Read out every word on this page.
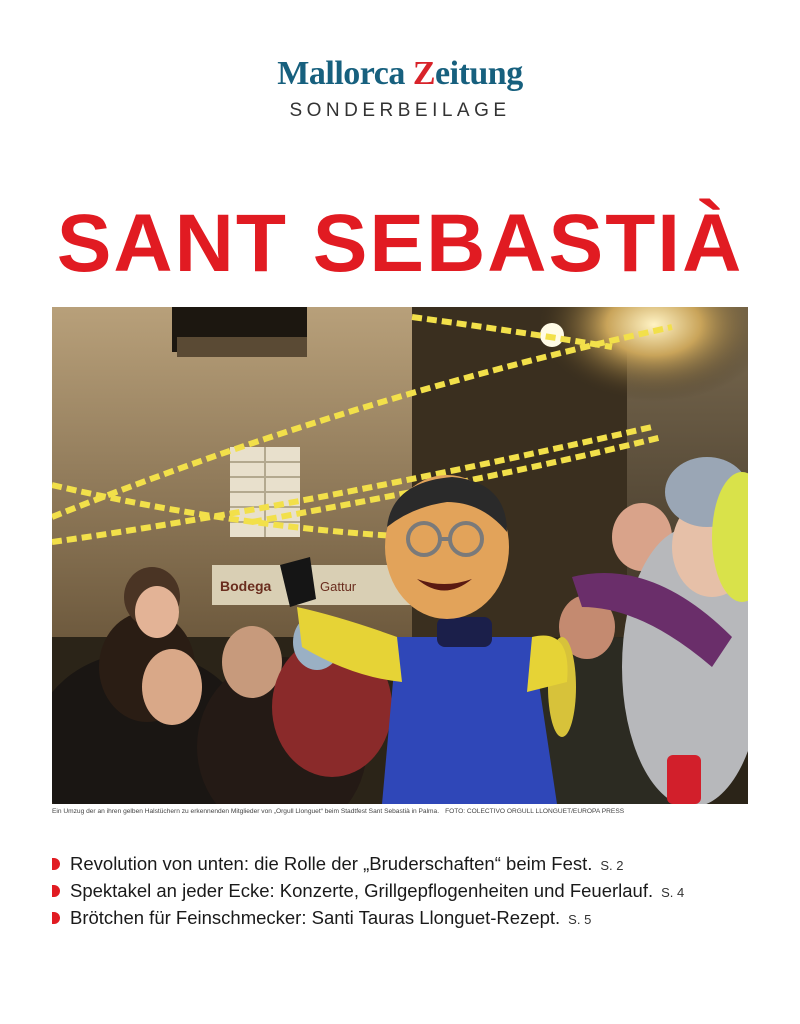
Mallorca Zeitung
SONDERBEILAGE
SANT SEBASTIÀ
Bodega	Gattur
Ein Umzug der an ihren gelben Halstüchern zu erkennenden Mitglieder von „Orgull Llonguet“ beim Stadtfest Sant Sebastià in Palma. FOTO: COLECTIVO ORGULL LLONGUET/EUROPA PRESS
Revolution von unten: die Rolle der „Bruderschaften“ beim Fest. S. 2
Spektakel an jeder Ecke: Konzerte, Grillgepflogenheiten und Feuerlauf. S. 4
Brötchen für Feinschmecker: Santi Tauras Llonguet-Rezept. S. 5
